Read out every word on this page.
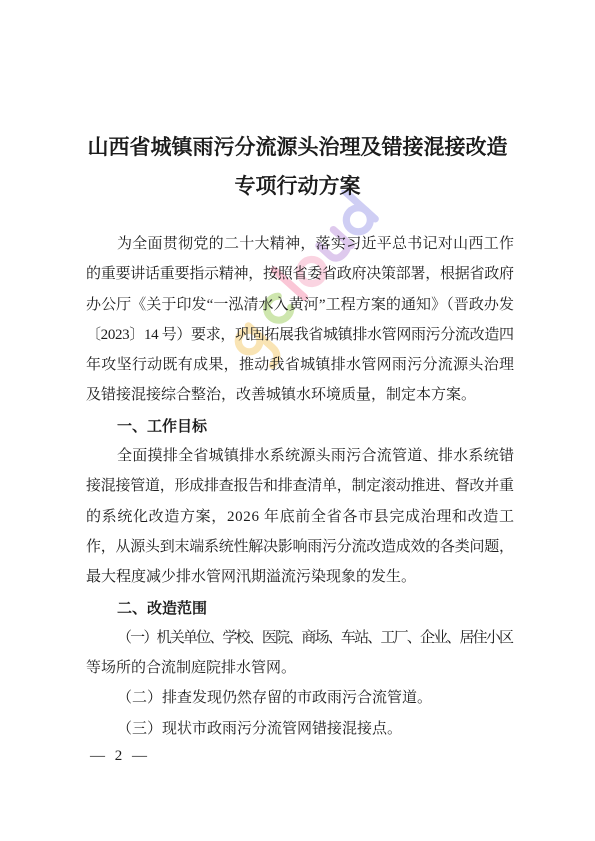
山西省城镇雨污分流源头治理及错接混接改造
专项行动方案
为全面贯彻党的二十大精神，落实习近平总书记对山西工作
的重要讲话重要指示精神，按照省委省政府决策部署，根据省政府
办公厅《关于印发“一泓清水入黄河”工程方案的通知》（晋政办发
〔2023〕14 号）要求，巩固拓展我省城镇排水管网雨污分流改造四
年攻坚行动既有成果，推动我省城镇排水管网雨污分流源头治理
及错接混接综合整治，改善城镇水环境质量，制定本方案。
一、工作目标
全面摸排全省城镇排水系统源头雨污合流管道、排水系统错
接混接管道，形成排查报告和排查清单，制定滚动推进、督改并重
的系统化改造方案，2026 年底前全省各市县完成治理和改造工
作，从源头到末端系统性解决影响雨污分流改造成效的各类问题，
最大程度减少排水管网汛期溢流污染现象的发生。
二、改造范围
（一）机关单位、学校、医院、商场、车站、工厂、企业、居住小区
等场所的合流制庭院排水管网。
（二）排查发现仍然存留的市政雨污合流管道。
（三）现状市政雨污分流管网错接混接点。
— 2 —
